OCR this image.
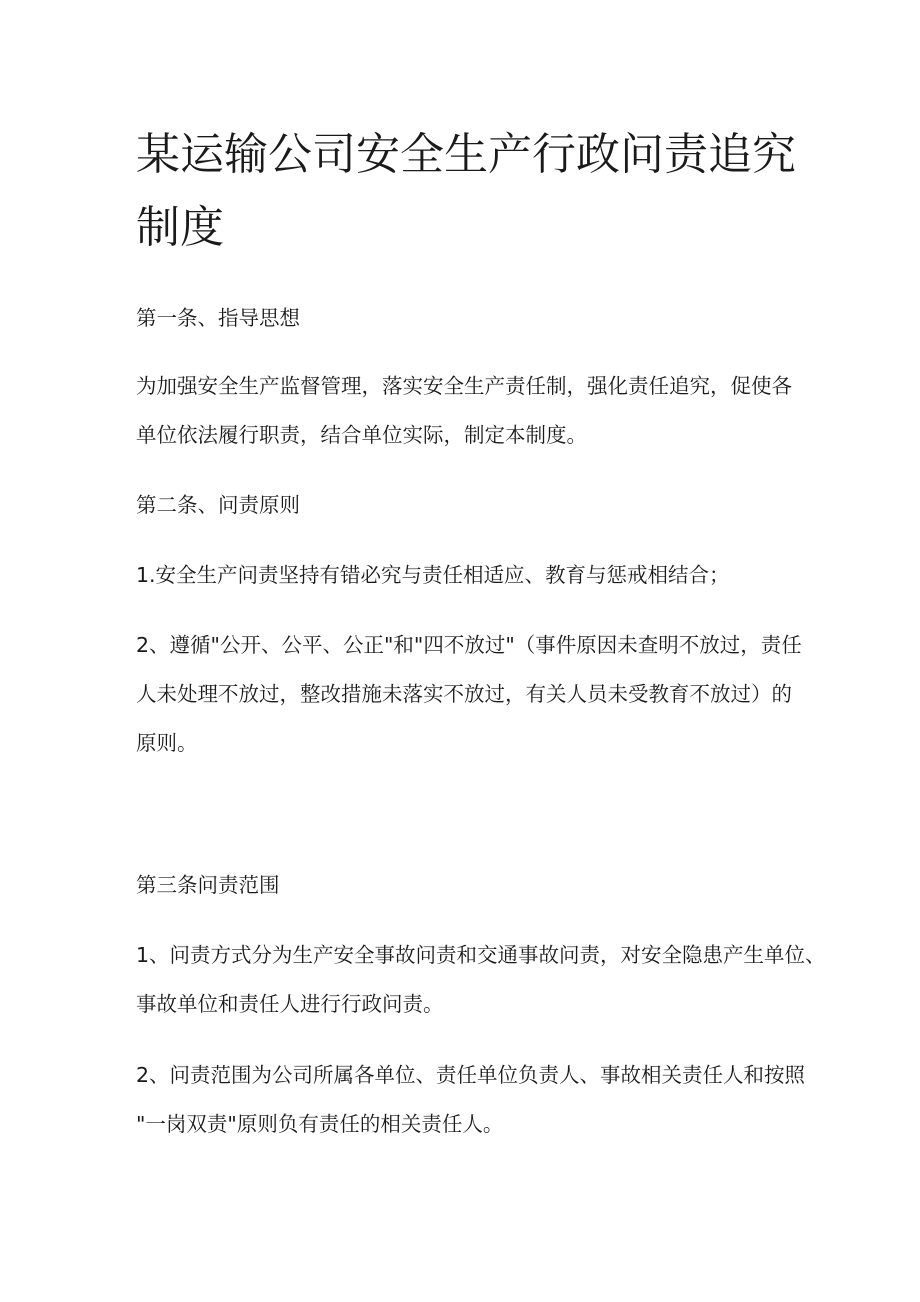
某运输公司安全生产行政问责追究
制度
第一条、指导思想
为加强安全生产监督管理，落实安全生产责任制，强化责任追究，促使各
单位依法履行职责，结合单位实际，制定本制度。
第二条、问责原则
1.安全生产问责坚持有错必究与责任相适应、教育与惩戒相结合；
2、遵循"公开、公平、公正"和"四不放过"（事件原因未查明不放过，责任
人未处理不放过，整改措施未落实不放过，有关人员未受教育不放过）的
原则。
第三条问责范围
1、问责方式分为生产安全事故问责和交通事故问责，对安全隐患产生单位、
事故单位和责任人进行行政问责。
2、问责范围为公司所属各单位、责任单位负责人、事故相关责任人和按照
"一岗双责"原则负有责任的相关责任人。
